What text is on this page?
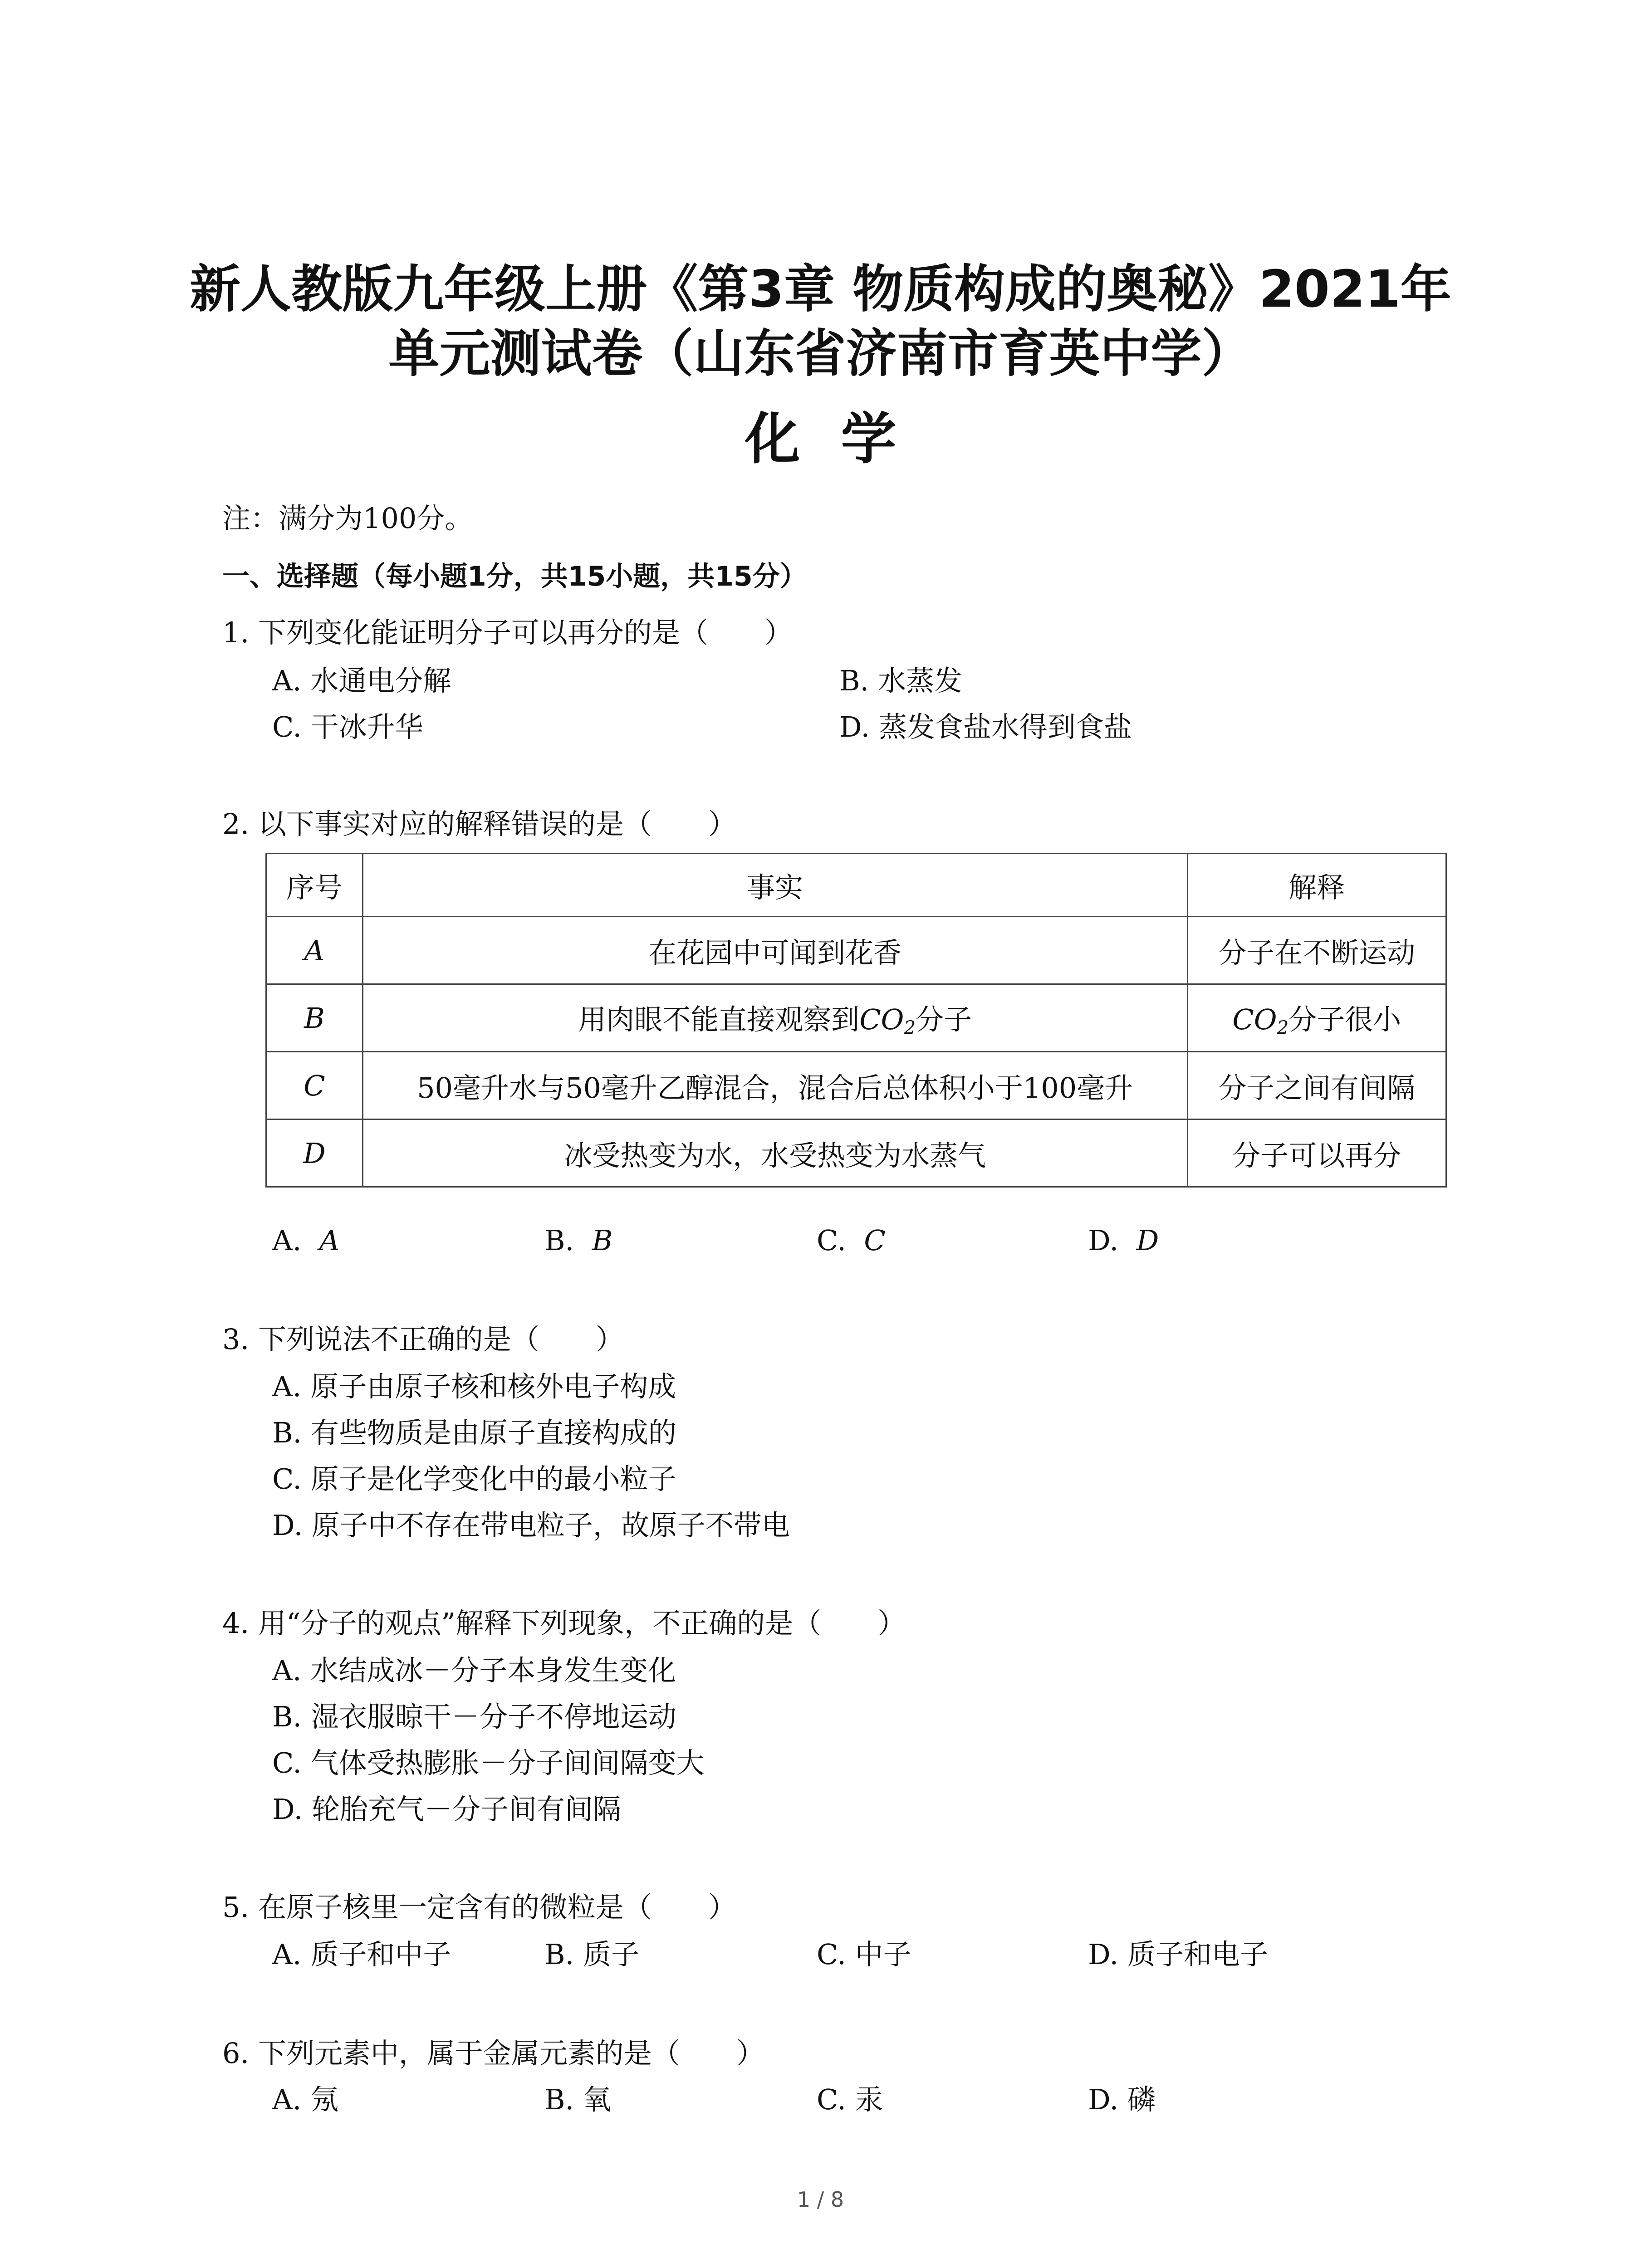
新人教版九年级上册《第3章 物质构成的奥秘》2021年
单元测试卷（山东省济南市育英中学）
化学
注：满分为100分。
一、选择题（每小题1分，共15小题，共15分）
1. 下列变化能证明分子可以再分的是（　　）
A. 水通电分解	B. 水蒸发
C. 干冰升华	D. 蒸发食盐水得到食盐
2. 以下事实对应的解释错误的是（　　）
序号	事实	解释
A	在花园中可闻到花香	分子在不断运动
B	用肉眼不能直接观察到$CO_2$分子	$CO_2$分子很小
C	50毫升水与50毫升乙醇混合，混合后总体积小于100毫升	分子之间有间隔
D	冰受热变为水，水受热变为水蒸气	分子可以再分
A. A	B. B	C. C	D. D
3. 下列说法不正确的是（　　）
A. 原子由原子核和核外电子构成
B. 有些物质是由原子直接构成的
C. 原子是化学变化中的最小粒子
D. 原子中不存在带电粒子，故原子不带电
4. 用“分子的观点”解释下列现象，不正确的是（　　）
A. 水结成冰－分子本身发生变化
B. 湿衣服晾干－分子不停地运动
C. 气体受热膨胀－分子间间隔变大
D. 轮胎充气－分子间有间隔
5. 在原子核里一定含有的微粒是（　　）
A. 质子和中子	B. 质子	C. 中子	D. 质子和电子
6. 下列元素中，属于金属元素的是（　　）
A. 氖	B. 氧	C. 汞	D. 磷
1 / 8
